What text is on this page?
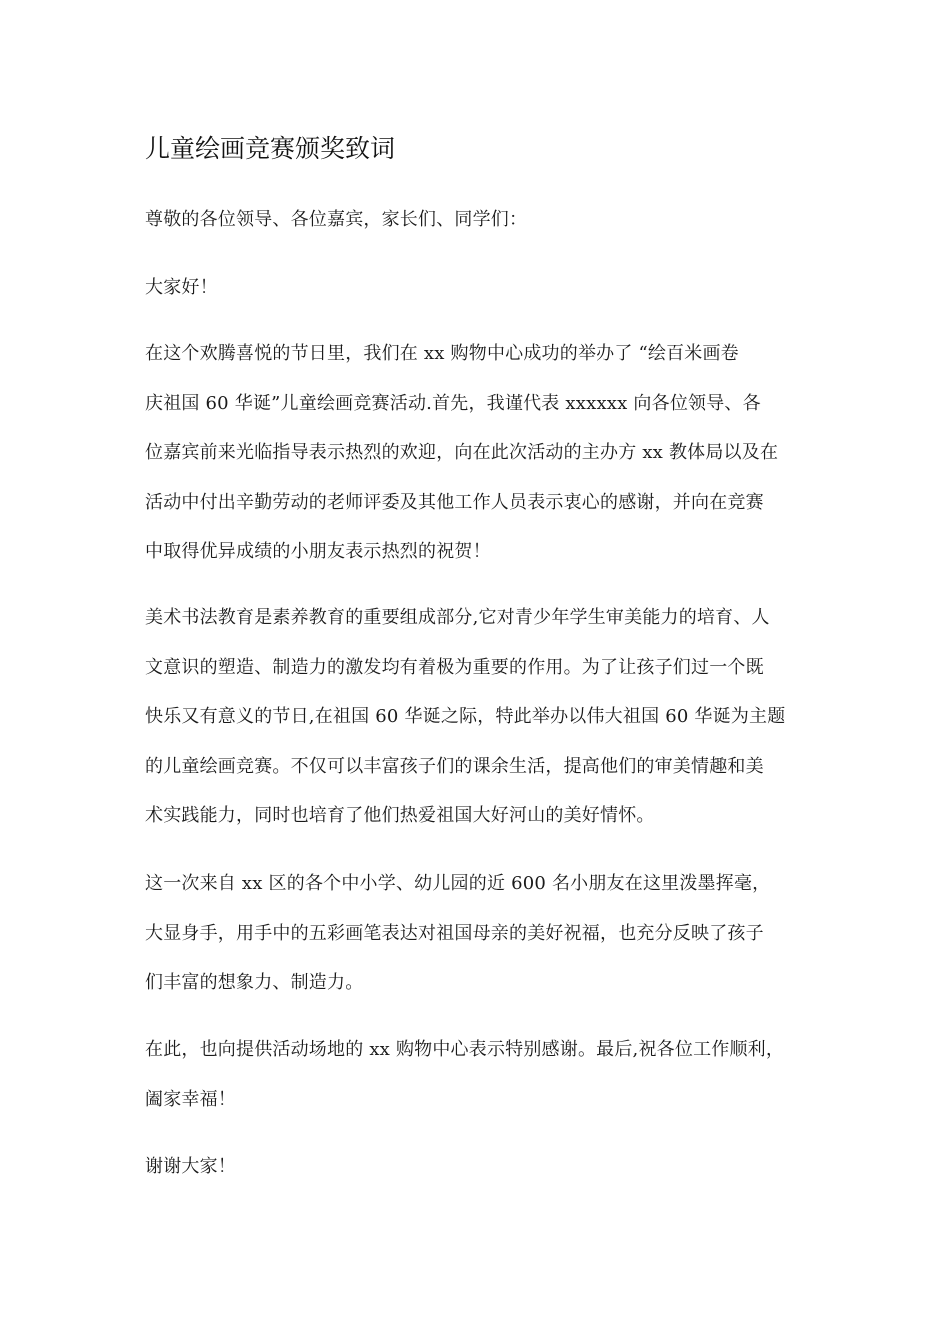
儿童绘画竞赛颁奖致词

尊敬的各位领导、各位嘉宾，家长们、同学们：

大家好！

在这个欢腾喜悦的节日里，我们在 xx 购物中心成功的举办了 “绘百米画卷
庆祖国 60 华诞”儿童绘画竞赛活动.首先，我谨代表 xxxxxx 向各位领导、各
位嘉宾前来光临指导表示热烈的欢迎，向在此次活动的主办方 xx 教体局以及在
活动中付出辛勤劳动的老师评委及其他工作人员表示衷心的感谢，并向在竞赛
中取得优异成绩的小朋友表示热烈的祝贺！

美术书法教育是素养教育的重要组成部分,它对青少年学生审美能力的培育、人
文意识的塑造、制造力的激发均有着极为重要的作用。为了让孩子们过一个既
快乐又有意义的节日,在祖国 60 华诞之际，特此举办以伟大祖国 60 华诞为主题
的儿童绘画竞赛。不仅可以丰富孩子们的课余生活，提高他们的审美情趣和美
术实践能力，同时也培育了他们热爱祖国大好河山的美好情怀。

这一次来自 xx 区的各个中小学、幼儿园的近 600 名小朋友在这里泼墨挥毫，
大显身手，用手中的五彩画笔表达对祖国母亲的美好祝福，也充分反映了孩子
们丰富的想象力、制造力。

在此，也向提供活动场地的 xx 购物中心表示特别感谢。最后,祝各位工作顺利，
阖家幸福！

谢谢大家！
